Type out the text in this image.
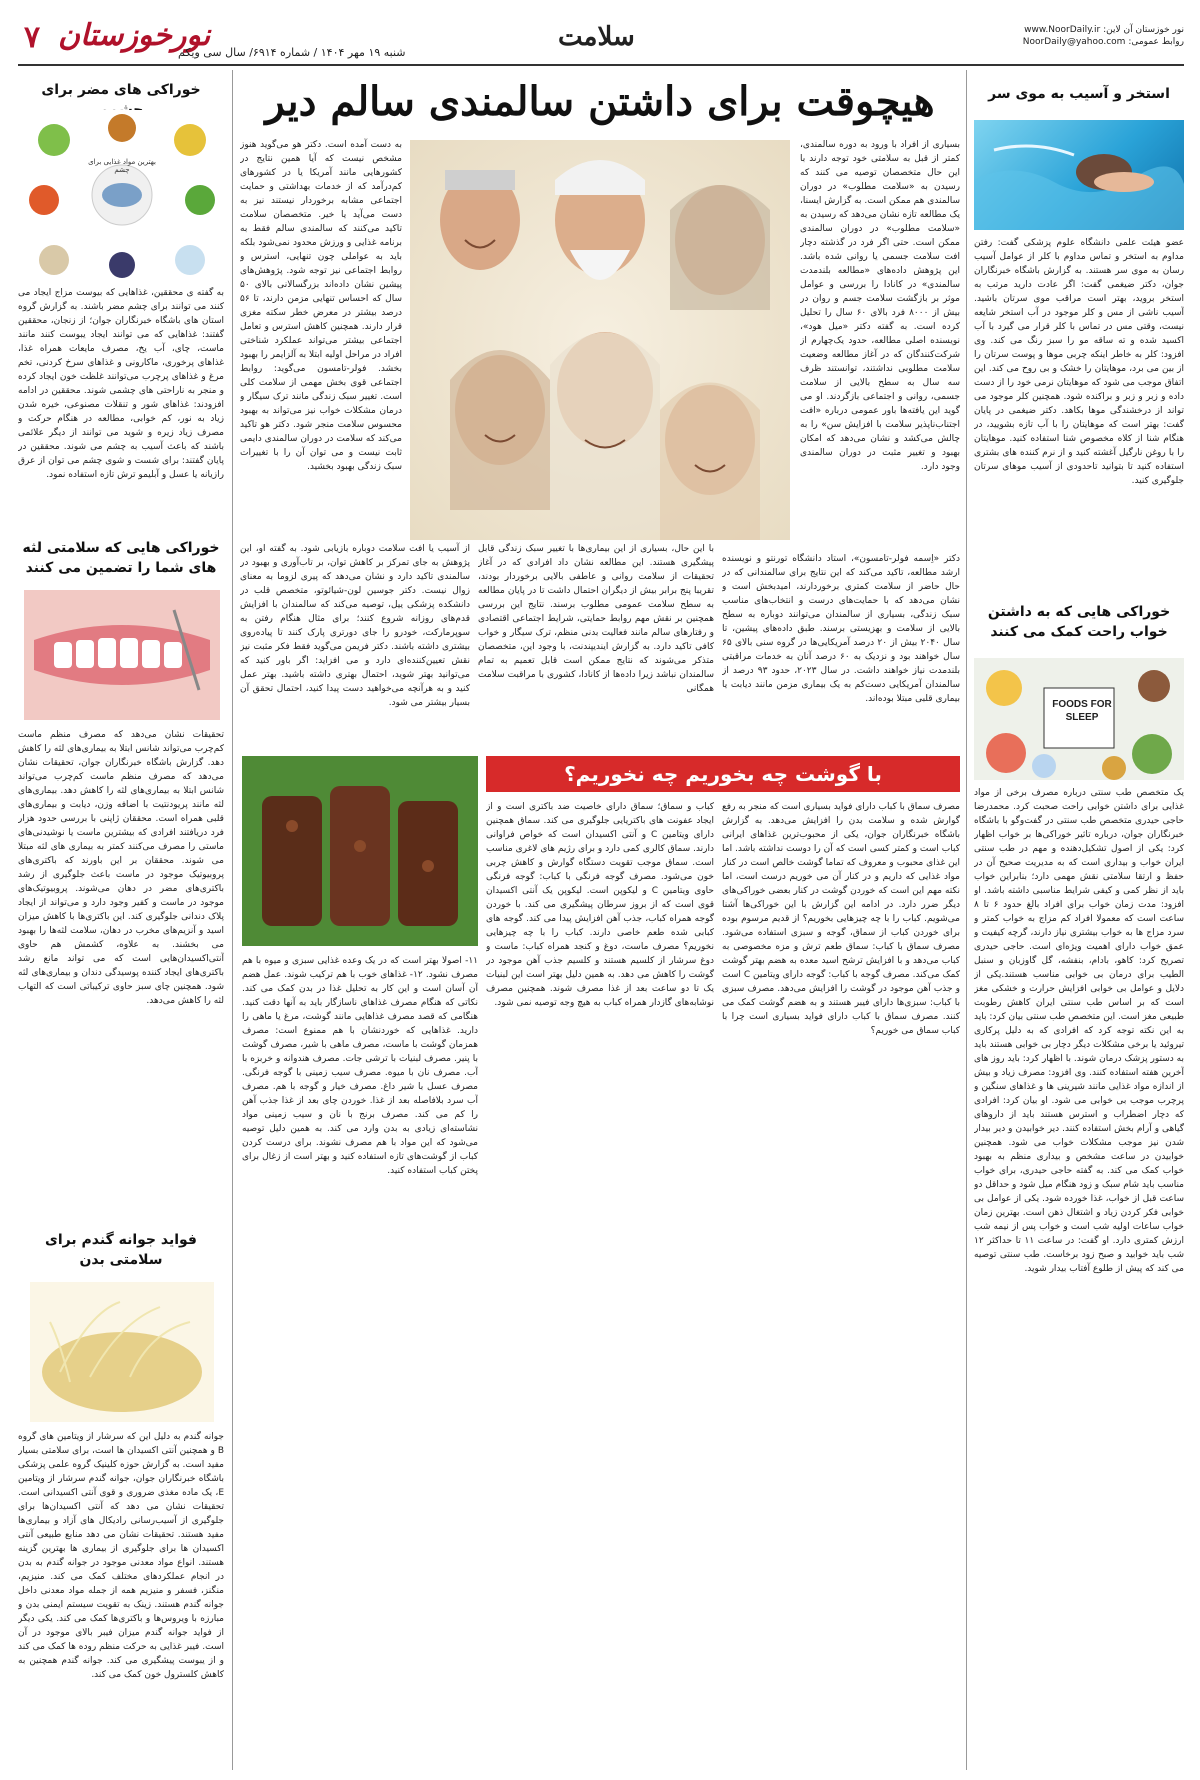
۷ نورخوزستان
شنبه ۱۹ مهر ۱۴۰۴ / شماره ۶۹۱۴/ سال سی ویکم
سلامت	نور خوزستان آن لاین: www.NoorDaily.ir
روابط عمومی: NoorDaily@yahoo.com
استخر و آسیب به موی سر
عضو هیئت علمی دانشگاه علوم پزشکی گفت: رفتن مداوم به استخر و تماس مداوم با کلر از عوامل آسیب رسان به موی سر هستند. به گزارش باشگاه خبرنگاران جوان، دکتر ضیغمی گفت: اگر عادت دارید مرتب به استخر بروید، بهتر است مراقب موی سرتان باشید. آسیب ناشی از مس و کلر موجود در آب استخر شایعه نیست، وقتی مس در تماس با کلر قرار می گیرد با آب اکسید شده و ته ساقه مو را سبز رنگ می کند. وی افزود: کلر به خاطر اینکه چربی موها و پوست سرتان را از بین می برد، موهایتان را خشک و بی روح می کند. این اتفاق موجب می شود که موهایتان نرمی خود را از دست داده و زبر و زبر و براکنده شود. همچنین کلر موجود می تواند از درخشندگی موها بکاهد. دکتر ضیغمی در پایان گفت: بهتر است که موهایتان را با آب تازه بشویید، در هنگام شنا از کلاه مخصوص شنا استفاده کنید. موهایتان را با روغن نارگیل آغشته کنید و از نرم کننده های بشتری استفاده کنید تا بتوانید تاحدودی از آسیب موهای سرتان جلوگیری کنید.
خوراکی هایی که به داشتن خواب راحت کمک می کنند
FOODS FOR SLEEP
یک متخصص طب سنتی درباره مصرف برخی از مواد غذایی برای داشتن خوابی راحت صحبت کرد. محمدرضا حاجی حیدری متخصص طب سنتی در گفت‌وگو با باشگاه خبرنگاران جوان، درباره تاثیر خوراکی‌ها بر خواب اظهار کرد: یکی از اصول تشکیل‌دهنده و مهم در طب سنتی ایران خواب و بیداری است که به مدیریت صحیح آن در حفظ و ارتقا سلامتی نقش مهمی دارد؛ بنابراین خواب باید از نظر کمی و کیفی شرایط مناسبی داشته باشد. او افزود: مدت زمان خواب برای افراد بالغ حدود ۶ تا ۸ ساعت است که معمولا افراد کم مزاج به خواب کمتر و سرد مزاج ها به خواب بیشتری نیاز دارند، گرچه کیفیت و عمق خواب دارای اهمیت ویژه‌ای است. حاجی حیدری تصریح کرد: کاهو، بادام، بنفشه، گل گاوزبان و سنبل الطیب برای درمان بی خوابی مناسب هستند.یکی از دلایل و عوامل بی خوابی افزایش حرارت و خشکی مغز است که بر اساس طب سنتی ایران کاهش رطوبت طبیعی مغز است. این متخصص طب سنتی بیان کرد: باید به این نکته توجه کرد که افرادی که به دلیل پرکاری تیروئید یا برخی مشکلات دیگر دچار بی خوابی هستند باید به دستور پزشک درمان شوند. با اظهار کرد: باید روز های آخرین هفته استفاده کنند. وی افزود: مصرف زیاد و بیش از اندازه مواد غذایی مانند شیرینی ها و غذاهای سنگین و پرچرب موجب بی خوابی می شود. او بیان کرد: افرادی که دچار اضطراب و استرس هستند باید از داروهای گیاهی و آرام بخش استفاده کنند. دیر خوابیدن و دیر بیدار شدن نیز موجب مشکلات خواب می شود. همچنین خوابیدن در ساعت مشخص و بیداری منظم به بهبود خواب کمک می کند. به گفته حاجی حیدری، برای خواب مناسب باید شام سبک و زود هنگام میل شود و حداقل دو ساعت قبل از خواب، غذا خورده شود. یکی از عوامل بی خوابی فکر کردن زیاد و اشتغال ذهن است. بهترین زمان خواب ساعات اولیه شب است و خواب پس از نیمه شب ارزش کمتری دارد. او گفت: در ساعت ۱۱ تا حداکثر ۱۲ شب باید خوابید و صبح زود برخاست. طب سنتی توصیه می کند که پیش از طلوع آفتاب بیدار شوید.
هیچوقت برای داشتن سالمندی سالم دیر
بسیاری از افراد با ورود به دوره سالمندی، کمتر از قبل به سلامتی خود توجه دارند با این حال متخصصان توصیه می کنند که رسیدن به «سلامت مطلوب» در دوران سالمندی هم ممکن است. به گزارش ایسنا، یک مطالعه تازه نشان می‌دهد که رسیدن به «سلامت مطلوب» در دوران سالمندی ممکن است. حتی اگر فرد در گذشته دچار افت سلامت جسمی یا روانی شده باشد. این پژوهش داده‌های «مطالعه بلندمدت سالمندی» در کانادا را بررسی و عوامل موثر بر بازگشت سلامت جسم و روان در بیش از ۸۰۰۰ فرد بالای ۶۰ سال را تحلیل کرده است. به گفته دکتر «میل هود»، نویسنده اصلی مطالعه، حدود یک‌چهارم از شرکت‌کنندگان که در آغاز مطالعه وضعیت سلامت مطلوبی نداشتند، توانستند ظرف سه سال به سطح بالایی از سلامت جسمی، روانی و اجتماعی بازگردند. او می گوید این یافته‌ها باور عمومی درباره «افت اجتناب‌ناپذیر سلامت با افزایش سن» را به چالش می‌کشد و نشان می‌دهد که امکان بهبود و تغییر مثبت در دوران سالمندی وجود دارد.
به دست آمده است. دکتر هو می‌گوید هنوز مشخص نیست که آیا همین نتایج در کشورهایی مانند آمریکا یا در کشورهای کم‌درآمد که از خدمات بهداشتی و حمایت اجتماعی مشابه برخوردار نیستند نیز به دست می‌آید یا خیر. متخصصان سلامت تاکید می‌کنند که سالمندی سالم فقط به برنامه غذایی و ورزش محدود نمی‌شود بلکه باید به عواملی چون تنهایی، استرس و روابط اجتماعی نیز توجه شود. پژوهش‌های پیشین نشان داده‌اند بزرگسالانی بالای ۵۰ سال که احساس تنهایی مزمن دارند، تا ۵۶ درصد بیشتر در معرض خطر سکته مغزی قرار دارند. همچنین کاهش استرس و تعامل اجتماعی بیشتر می‌تواند عملکرد شناختی افراد در مراحل اولیه ابتلا به آلزایمر را بهبود بخشد. فولر-تامسون می‌گوید: روابط اجتماعی قوی بخش مهمی از سلامت کلی است. تغییر سبک زندگی مانند ترک سیگار و درمان مشکلات خواب نیز می‌تواند به بهبود محسوس سلامت منجر شود. دکتر هو تاکید می‌کند که سلامت در دوران سالمندی دایمی ثابت نیست و می توان آن را با تغییرات سبک زندگی بهبود بخشید.
دکتر «اِسمه فولر-تامسون»، استاد دانشگاه تورنتو و نویسنده ارشد مطالعه، تاکید می‌کند که این نتایج برای سالمندانی که در حال حاضر از سلامت کمتری برخوردارند، امیدبخش است و نشان می‌دهد که با حمایت‌های درست و انتخاب‌های مناسب سبک زندگی، بسیاری از سالمندان می‌توانند دوباره به سطح بالایی از سلامت و بهزیستی برسند. طبق داده‌های پیشین، تا سال ۲۰۴۰ بیش از ۲۰ درصد آمریکایی‌ها در گروه سنی بالای ۶۵ سال خواهند بود و نزدیک به ۶۰ درصد آنان به خدمات مراقبتی بلندمدت نیاز خواهند داشت. در سال ۲۰۲۳، حدود ۹۳ درصد از سالمندان آمریکایی دست‌کم به یک بیماری مزمن مانند دیابت یا بیماری قلبی مبتلا بوده‌اند.
با این حال، بسیاری از این بیماری‌ها با تغییر سبک زندگی قابل پیشگیری هستند. این مطالعه نشان داد افرادی که در آغاز تحقیقات از سلامت روانی و عاطفی بالایی برخوردار بودند، تقریبا پنج برابر بیش از دیگران احتمال داشت تا در پایان مطالعه به سطح سلامت عمومی مطلوب برسند. نتایج این بررسی همچنین بر نقش مهم روابط حمایتی، شرایط اجتماعی اقتصادی و رفتارهای سالم مانند فعالیت بدنی منظم، ترک سیگار و خواب کافی تاکید دارد. به گزارش ایندیپندنت، با وجود این، متخصصان متذکر می‌شوند که نتایج ممکن است قابل تعمیم به تمام سالمندان نباشد زیرا داده‌ها از کانادا، کشوری با مراقبت سلامت همگانی
از آسیب یا افت سلامت دوباره بازیابی شود. به گفته او، این پژوهش به جای تمرکز بر کاهش توان، بر تاب‌آوری و بهبود در سالمندی تاکید دارد و نشان می‌دهد که پیری لزوما به معنای زوال نیست. دکتر جوسین لون-شیائوتو، متخصص قلب در دانشکده پزشکی ییل، توصیه می‌کند که سالمندان با افزایش قدم‌های روزانه شروع کنند؛ برای مثال هنگام رفتن به سوپرمارکت، خودرو را جای دورتری پارک کنند تا پیاده‌روی بیشتری داشته باشند. دکتر فریمن می‌گوید فقط فکر مثبت نیز نقش تعیین‌کننده‌ای دارد و می افزاید: اگر باور کنید که می‌توانید بهتر شوید، احتمال بهتری داشته باشید. بهتر عمل کنید و به هرآنچه می‌خواهید دست پیدا کنید، احتمال تحقق آن بسیار بیشتر می شود.
با گوشت چه بخوریم چه نخوریم؟
مصرف سماق با کباب دارای فواید بسیاری است که منجر به رفع گوارش شده و سلامت بدن را افزایش می‌دهد. به گزارش باشگاه خبرنگاران جوان، یکی از محبوب‌ترین غذاهای ایرانی کباب است و کمتر کسی است که آن را دوست نداشته باشد. اما این غذای محبوب و معروف که تماما گوشت خالص است در کنار مواد غذایی که داریم و در کنار آن می خوریم درست است، اما نکته مهم این است که خوردن گوشت در کنار بعضی خوراکی‌های دیگر ضرر دارد. در ادامه این گزارش با این خوراکی‌ها آشنا می‌شویم. کباب را با چه چیزهایی بخوریم؟ از قدیم مرسوم بوده برای خوردن کباب از سماق، گوجه و سبزی استفاده می‌شود. مصرف سماق با کباب: سماق طعم ترش و مزه مخصوصی به کباب می‌دهد و با افزایش ترشح اسید معده به هضم بهتر گوشت کمک می‌کند. مصرف گوجه با کباب: گوجه دارای ویتامین C است و جذب آهن موجود در گوشت را افزایش می‌دهد. مصرف سبزی با کباب: سبزی‌ها دارای فیبر هستند و به هضم گوشت کمک می کنند. مصرف سماق با کباب دارای فواید بسیاری است چرا با کباب سماق می خوریم؟
کباب و سماق؛ سماق دارای خاصیت ضد باکتری است و از ایجاد عفونت های باکتریایی جلوگیری می کند. سماق همچنین دارای ویتامین C و آنتی اکسیدان است که خواص فراوانی دارند. سماق کالری کمی دارد و برای رژیم های لاغری مناسب است. سماق موجب تقویت دستگاه گوارش و کاهش چربی خون می‌شود. مصرف گوجه فرنگی با کباب: گوجه فرنگی حاوی ویتامین C و لیکوپن است. لیکوپن یک آنتی اکسیدان قوی است که از بروز سرطان پیشگیری می کند. با خوردن گوجه همراه کباب، جذب آهن افزایش پیدا می کند. گوجه های کبابی شده طعم خاصی دارند. کباب را با چه چیزهایی نخوریم؟ مصرف ماست، دوغ و کنجد همراه کباب: ماست و دوغ سرشار از کلسیم هستند و کلسیم جذب آهن موجود در گوشت را کاهش می دهد. به همین دلیل بهتر است این لبنیات یک تا دو ساعت بعد از غذا مصرف شوند. همچنین مصرف نوشابه‌های گازدار همراه کباب به هیچ وجه توصیه نمی شود.
۱۱- اصولا بهتر است که در یک وعده غذایی سبزی و میوه با هم مصرف نشود. ۱۲- غذاهای خوب با هم ترکیب شوند. عمل هضم آن آسان است و این کار به تحلیل غذا در بدن کمک می کند. نکاتی که هنگام مصرف غذاهای ناسازگار باید به آنها دقت کنید. هنگامی که قصد مصرف غذاهایی مانند گوشت، مرغ یا ماهی را دارید. غذاهایی که خوردنشان با هم ممنوع است: مصرف همزمان گوشت با ماست، مصرف ماهی با شیر، مصرف گوشت با پنیر. مصرف لبنیات با ترشی جات. مصرف هندوانه و خربزه با آب. مصرف نان با میوه. مصرف سیب زمینی با گوجه فرنگی. مصرف عسل با شیر داغ. مصرف خیار و گوجه با هم. مصرف آب سرد بلافاصله بعد از غذا. خوردن چای بعد از غذا جذب آهن را کم می کند. مصرف برنج با نان و سیب زمینی مواد نشاسته‌ای زیادی به بدن وارد می کند. به همین دلیل توصیه می‌شود که این مواد با هم مصرف نشوند. برای درست کردن کباب از گوشت‌های تازه استفاده کنید و بهتر است از زغال برای پختن کباب استفاده کنید.
خوراکی های مضر برای
بهترین مواد غذایی برای چشم
به گفته ی محققین، غذاهایی که بیوست مزاج ایجاد می کنند می توانند برای چشم مضر باشند. به گزارش گروه استان های باشگاه خبرنگاران جوان؛ از زنجان، محققین گفتند: غذاهایی که می توانند ایجاد یبوست کنند مانند ماست، چای، آب یخ، مصرف مایعات همراه غذا، غذاهای پرخوری، ماکارونی و غذاهای سرخ کردنی، تخم مرغ و غذاهای پرچرب می‌توانند غلظت خون ایجاد کرده و منجر به ناراحتی های چشمی شوند. محققین در ادامه افزودند: غذاهای شور و تنقلات مصنوعی، خیره شدن زیاد به نور، کم خوابی، مطالعه در هنگام حرکت و مصرف زیاد زیره و شوید می توانند از دیگر علائمی باشند که باعث آسیب به چشم می شوند. محققین در پایان گفتند: برای شست و شوی چشم می توان از عرق رازیانه یا عسل و آبلیمو ترش تازه استفاده نمود.
خوراکی هایی که سلامتی لثه های شما را تضمین می کنند
تحقیقات نشان می‌دهد که مصرف منظم ماست کم‌چرب می‌تواند شانس ابتلا به بیماری‌های لثه را کاهش دهد. گزارش باشگاه خبرنگاران جوان، تحقیقات نشان می‌دهد که مصرف منظم ماست کم‌چرب می‌تواند شانس ابتلا به بیماری‌های لثه را کاهش دهد. بیماری‌های لثه مانند پریودنتیت با اضافه وزن، دیابت و بیماری‌های قلبی همراه است. محققان ژاپنی با بررسی حدود هزار فرد دریافتند افرادی که بیشترین ماست یا نوشیدنی‌های ماستی را مصرف می‌کنند کمتر به بیماری های لثه مبتلا می شوند. محققان بر این باورند که باکتری‌های پروبیوتیک موجود در ماست باعث جلوگیری از رشد باکتری‌های مضر در دهان می‌شوند. پروبیوتیک‌های موجود در ماست و کفیر وجود دارد و می‌تواند از ایجاد پلاک دندانی جلوگیری کند. این باکتری‌ها با کاهش میزان اسید و آنزیم‌های مخرب در دهان، سلامت لثه‌ها را بهبود می بخشند. به علاوه، کشمش هم حاوی آنتی‌اکسیدان‌هایی است که می تواند مانع رشد باکتری‌های ایجاد کننده پوسیدگی دندان و بیماری‌های لثه شود. همچنین چای سبز حاوی ترکیباتی است که التهاب لثه را کاهش می‌دهد.
فواید جوانه گندم برای سلامتی بدن
جوانه گندم به دلیل این که سرشار از ویتامین های گروه B و همچنین آنتی اکسیدان ها است، برای سلامتی بسیار مفید است. به گزارش حوزه کلینیک گروه علمی پزشکی باشگاه خبرنگاران جوان، جوانه گندم سرشار از ویتامین E، یک ماده مغذی ضروری و قوی آنتی اکسیدانی است. تحقیقات نشان می دهد که آنتی اکسیدان‌ها برای جلوگیری از آسیب‌رسانی رادیکال های آزاد و بیماری‌ها مفید هستند. تحقیقات نشان می دهد منابع طبیعی آنتی اکسیدان ها برای جلوگیری از بیماری ها بهترین گزینه هستند. انواع مواد معدنی موجود در جوانه گندم به بدن در انجام عملکردهای مختلف کمک می کند. منیزیم، منگنز، فسفر و منیزیم همه از جمله مواد معدنی داخل جوانه گندم هستند. زینک به تقویت سیستم ایمنی بدن و مبارزه با ویروس‌ها و باکتری‌ها کمک می کند. یکی دیگر از فواید جوانه گندم میزان فیبر بالای موجود در آن است. فیبر غذایی به حرکت منظم روده ها کمک می کند و از یبوست پیشگیری می کند. جوانه گندم همچنین به کاهش کلسترول خون کمک می کند.
